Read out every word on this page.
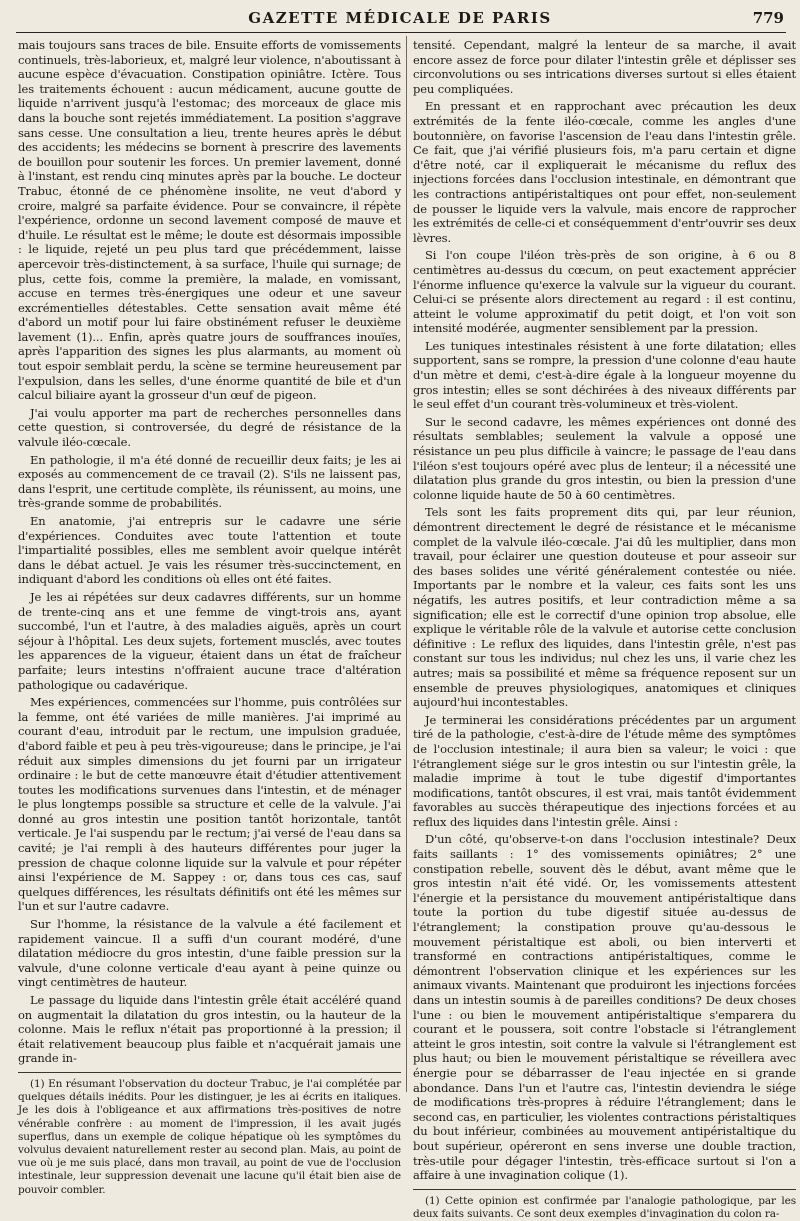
GAZETTE MÉDICALE DE PARIS	779

mais toujours sans traces de bile. Ensuite efforts de vomissements continuels, très-laborieux, et, malgré leur violence, n'aboutissant à aucune espèce d'évacuation. Constipation opiniâtre. Ictère. Tous les traitements échouent : aucun médicament, aucune goutte de liquide n'arrivent jusqu'à l'estomac; des morceaux de glace mis dans la bouche sont rejetés immédiatement. La position s'aggrave sans cesse. Une consultation a lieu, trente heures après le début des accidents; les médecins se bornent à prescrire des lavements de bouillon pour soutenir les forces. Un premier lavement, donné à l'instant, est rendu cinq minutes après par la bouche. Le docteur Trabuc, étonné de ce phénomène insolite, ne veut d'abord y croire, malgré sa parfaite évidence. Pour se convaincre, il répète l'expérience, ordonne un second lavement composé de mauve et d'huile. Le résultat est le même; le doute est désormais impossible : le liquide, rejeté un peu plus tard que précédemment, laisse apercevoir très-distinctement, à sa surface, l'huile qui surnage; de plus, cette fois, comme la première, la malade, en vomissant, accuse en termes très-énergiques une odeur et une saveur excrémentielles détestables. Cette sensation avait même été d'abord un motif pour lui faire obstinément refuser le deuxième lavement (1)... Enfin, après quatre jours de souffrances inouïes, après l'apparition des signes les plus alarmants, au moment où tout espoir semblait perdu, la scène se termine heureusement par l'expulsion, dans les selles, d'une énorme quantité de bile et d'un calcul biliaire ayant la grosseur d'un œuf de pigeon.

J'ai voulu apporter ma part de recherches personnelles dans cette question, si controversée, du degré de résistance de la valvule iléo-cœcale.

En pathologie, il m'a été donné de recueillir deux faits; je les ai exposés au commencement de ce travail (2). S'ils ne laissent pas, dans l'esprit, une certitude complète, ils réunissent, au moins, une très-grande somme de probabilités.

En anatomie, j'ai entrepris sur le cadavre une série d'expériences. Conduites avec toute l'attention et toute l'impartialité possibles, elles me semblent avoir quelque intérêt dans le débat actuel. Je vais les résumer très-succinctement, en indiquant d'abord les conditions où elles ont été faites.

Je les ai répétées sur deux cadavres différents, sur un homme de trente-cinq ans et une femme de vingt-trois ans, ayant succombé, l'un et l'autre, à des maladies aiguës, après un court séjour à l'hôpital. Les deux sujets, fortement musclés, avec toutes les apparences de la vigueur, étaient dans un état de fraîcheur parfaite; leurs intestins n'offraient aucune trace d'altération pathologique ou cadavérique.

Mes expériences, commencées sur l'homme, puis contrôlées sur la femme, ont été variées de mille manières. J'ai imprimé au courant d'eau, introduit par le rectum, une impulsion graduée, d'abord faible et peu à peu très-vigoureuse; dans le principe, je l'ai réduit aux simples dimensions du jet fourni par un irrigateur ordinaire : le but de cette manœuvre était d'étudier attentivement toutes les modifications survenues dans l'intestin, et de ménager le plus longtemps possible sa structure et celle de la valvule. J'ai donné au gros intestin une position tantôt horizontale, tantôt verticale. Je l'ai suspendu par le rectum; j'ai versé de l'eau dans sa cavité; je l'ai rempli à des hauteurs différentes pour juger la pression de chaque colonne liquide sur la valvule et pour répéter ainsi l'expérience de M. Sappey : or, dans tous ces cas, sauf quelques différences, les résultats définitifs ont été les mêmes sur l'un et sur l'autre cadavre.

Sur l'homme, la résistance de la valvule a été facilement et rapidement vaincue. Il a suffi d'un courant modéré, d'une dilatation médiocre du gros intestin, d'une faible pression sur la valvule, d'une colonne verticale d'eau ayant à peine quinze ou vingt centimètres de hauteur.

Le passage du liquide dans l'intestin grêle était accéléré quand on augmentait la dilatation du gros intestin, ou la hauteur de la colonne. Mais le reflux n'était pas proportionné à la pression; il était relativement beaucoup plus faible et n'acquérait jamais une grande in-

(1) En résumant l'observation du docteur Trabuc, je l'ai complétée par quelques détails inédits. Pour les distinguer, je les ai écrits en italiques. Je les dois à l'obligeance et aux affirmations très-positives de notre vénérable confrère : au moment de l'impression, il les avait jugés superflus, dans un exemple de colique hépatique où les symptômes du volvulus devaient naturellement rester au second plan. Mais, au point de vue où je me suis placé, dans mon travail, au point de vue de l'occlusion intestinale, leur suppression devenait une lacune qu'il était bien aise de pouvoir combler.

tensité. Cependant, malgré la lenteur de sa marche, il avait encore assez de force pour dilater l'intestin grêle et déplisser ses circonvolutions ou ses intrications diverses surtout si elles étaient peu compliquées.

En pressant et en rapprochant avec précaution les deux extrémités de la fente iléo-cœcale, comme les angles d'une boutonnière, on favorise l'ascension de l'eau dans l'intestin grêle. Ce fait, que j'ai vérifié plusieurs fois, m'a paru certain et digne d'être noté, car il expliquerait le mécanisme du reflux des injections forcées dans l'occlusion intestinale, en démontrant que les contractions antipéristaltiques ont pour effet, non-seulement de pousser le liquide vers la valvule, mais encore de rapprocher les extrémités de celle-ci et conséquemment d'entr'ouvrir ses deux lèvres.

Si l'on coupe l'iléon très-près de son origine, à 6 ou 8 centimètres au-dessus du cœcum, on peut exactement apprécier l'énorme influence qu'exerce la valvule sur la vigueur du courant. Celui-ci se présente alors directement au regard : il est continu, atteint le volume approximatif du petit doigt, et l'on voit son intensité modérée, augmenter sensiblement par la pression.

Les tuniques intestinales résistent à une forte dilatation; elles supportent, sans se rompre, la pression d'une colonne d'eau haute d'un mètre et demi, c'est-à-dire égale à la longueur moyenne du gros intestin; elles se sont déchirées à des niveaux différents par le seul effet d'un courant très-volumineux et très-violent.

Sur le second cadavre, les mêmes expériences ont donné des résultats semblables; seulement la valvule a opposé une résistance un peu plus difficile à vaincre; le passage de l'eau dans l'iléon s'est toujours opéré avec plus de lenteur; il a nécessité une dilatation plus grande du gros intestin, ou bien la pression d'une colonne liquide haute de 50 à 60 centimètres.

Tels sont les faits proprement dits qui, par leur réunion, démontrent directement le degré de résistance et le mécanisme complet de la valvule iléo-cœcale. J'ai dû les multiplier, dans mon travail, pour éclairer une question douteuse et pour asseoir sur des bases solides une vérité généralement contestée ou niée. Importants par le nombre et la valeur, ces faits sont les uns négatifs, les autres positifs, et leur contradiction même a sa signification; elle est le correctif d'une opinion trop absolue, elle explique le véritable rôle de la valvule et autorise cette conclusion définitive : Le reflux des liquides, dans l'intestin grêle, n'est pas constant sur tous les individus; nul chez les uns, il varie chez les autres; mais sa possibilité et même sa fréquence reposent sur un ensemble de preuves physiologiques, anatomiques et cliniques aujourd'hui incontestables.

Je terminerai les considérations précédentes par un argument tiré de la pathologie, c'est-à-dire de l'étude même des symptômes de l'occlusion intestinale; il aura bien sa valeur; le voici : que l'étranglement siége sur le gros intestin ou sur l'intestin grêle, la maladie imprime à tout le tube digestif d'importantes modifications, tantôt obscures, il est vrai, mais tantôt évidemment favorables au succès thérapeutique des injections forcées et au reflux des liquides dans l'intestin grêle. Ainsi :

D'un côté, qu'observe-t-on dans l'occlusion intestinale? Deux faits saillants : 1° des vomissements opiniâtres; 2° une constipation rebelle, souvent dès le début, avant même que le gros intestin n'ait été vidé. Or, les vomissements attestent l'énergie et la persistance du mouvement antipéristaltique dans toute la portion du tube digestif située au-dessus de l'étranglement; la constipation prouve qu'au-dessous le mouvement péristaltique est aboli, ou bien interverti et transformé en contractions antipéristaltiques, comme le démontrent l'observation clinique et les expériences sur les animaux vivants. Maintenant que produiront les injections forcées dans un intestin soumis à de pareilles conditions? De deux choses l'une : ou bien le mouvement antipéristaltique s'emparera du courant et le poussera, soit contre l'obstacle si l'étranglement atteint le gros intestin, soit contre la valvule si l'étranglement est plus haut; ou bien le mouvement péristaltique se réveillera avec énergie pour se débarrasser de l'eau injectée en si grande abondance. Dans l'un et l'autre cas, l'intestin deviendra le siége de modifications très-propres à réduire l'étranglement; dans le second cas, en particulier, les violentes contractions péristaltiques du bout inférieur, combinées au mouvement antipéristaltique du bout supérieur, opéreront en sens inverse une double traction, très-utile pour dégager l'intestin, très-efficace surtout si l'on a affaire à une invagination colique (1).

(1) Cette opinion est confirmée par l'analogie pathologique, par les deux faits suivants. Ce sont deux exemples d'invagination du colon ra-
